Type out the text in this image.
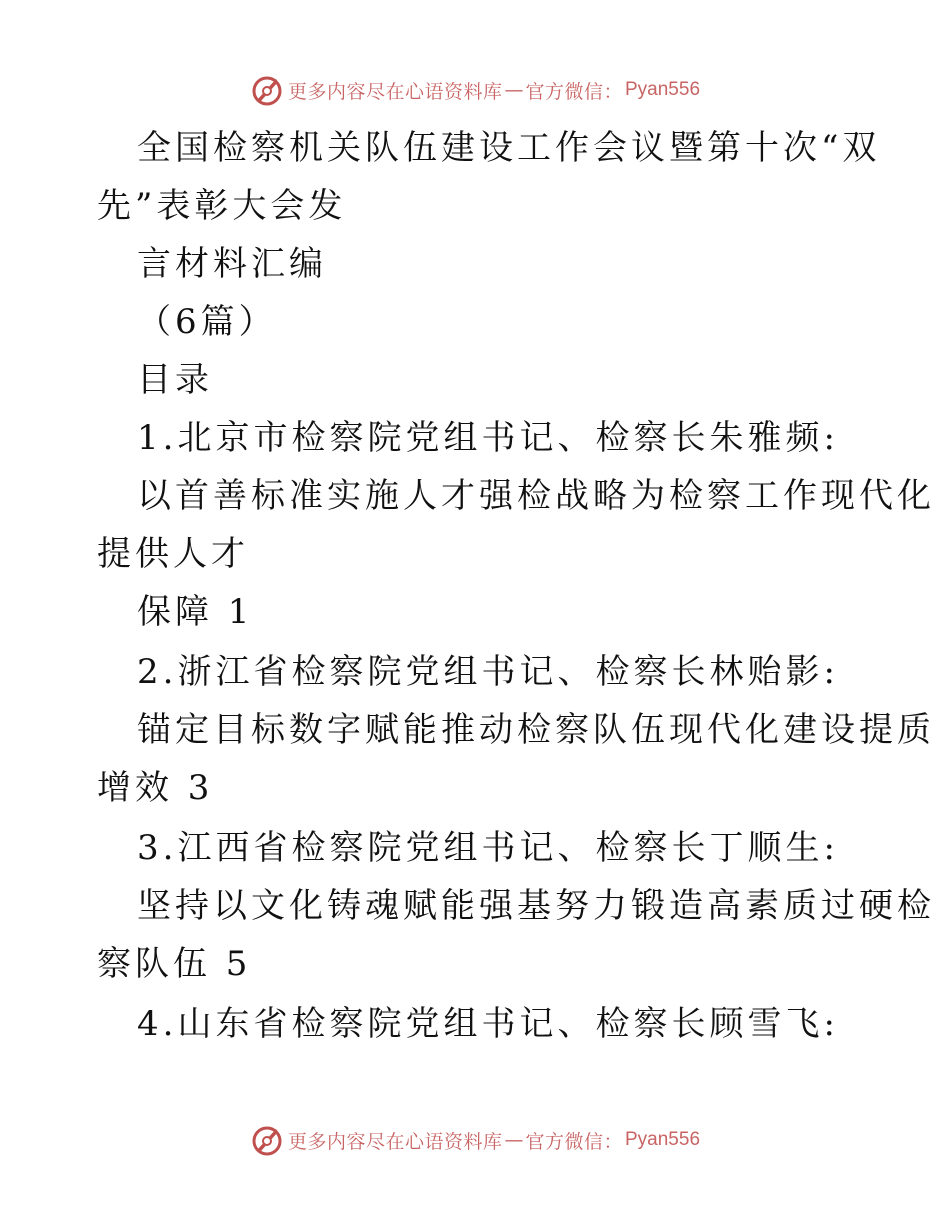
更多内容尽在心语资料库 — 官方微信： Pyan556
全国检察机关队伍建设工作会议暨第十次“双
先”表彰大会发
言材料汇编
（6篇）
目录
1.北京市检察院党组书记、检察长朱雅频:
以首善标准实施人才强检战略为检察工作现代化
提供人才
保障 1
2.浙江省检察院党组书记、检察长林贻影:
锚定目标数字赋能推动检察队伍现代化建设提质
增效 3
3.江西省检察院党组书记、检察长丁顺生:
坚持以文化铸魂赋能强基努力锻造高素质过硬检
察队伍 5
4.山东省检察院党组书记、检察长顾雪飞:
更多内容尽在心语资料库 — 官方微信： Pyan556
